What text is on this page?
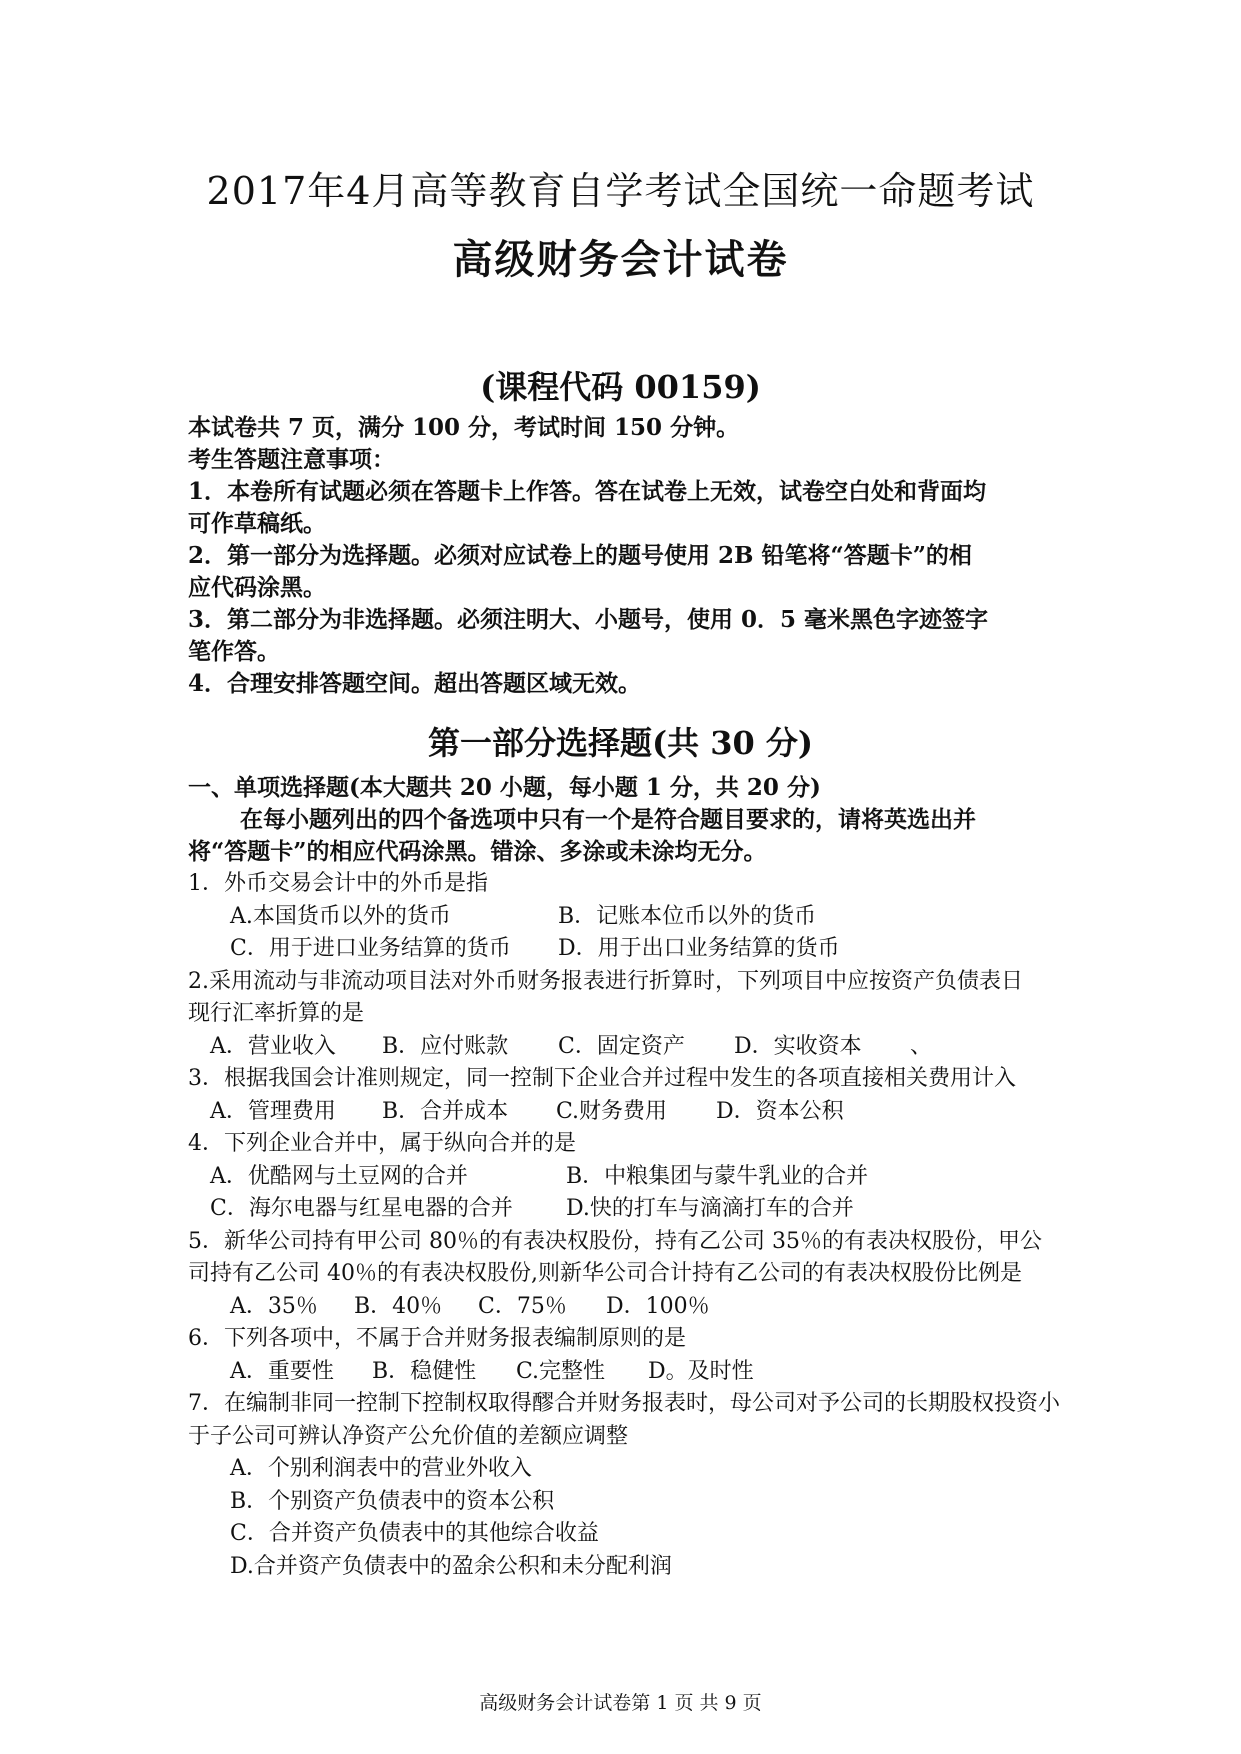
2017年4月高等教育自学考试全国统一命题考试
高级财务会计试卷
(课程代码 00159)
本试卷共 7 页，满分 100 分，考试时间 150 分钟。
考生答题注意事项：
1．本卷所有试题必须在答题卡上作答。答在试卷上无效，试卷空白处和背面均
可作草稿纸。
2．第一部分为选择题。必须对应试卷上的题号使用 2B 铅笔将“答题卡”的相
应代码涂黑。
3．第二部分为非选择题。必须注明大、小题号，使用 0．5 毫米黑色字迹签字
笔作答。
4．合理安排答题空间。超出答题区域无效。
第一部分选择题(共 30 分)
一、单项选择题(本大题共 20 小题，每小题 1 分，共 20 分)
在每小题列出的四个备选项中只有一个是符合题目要求的，请将英选出并
将“答题卡”的相应代码涂黑。错涂、多涂或未涂均无分。
1．外币交易会计中的外币是指
A.本国货币以外的货币	B．记账本位币以外的货币
C．用于进口业务结算的货币	D．用于出口业务结算的货币
2.采用流动与非流动项目法对外币财务报表进行折算时，下列项目中应按资产负债表日
现行汇率折算的是
A．营业收入	B．应付账款	C．固定资产	D．实收资本	、
3．根据我国会计准则规定，同一控制下企业合并过程中发生的各项直接相关费用计入
A．管理费用	B．合并成本	C.财务费用	D．资本公积
4．下列企业合并中，属于纵向合并的是
A．优酷网与土豆网的合并	B．中粮集团与蒙牛乳业的合并
C．海尔电器与红星电器的合并	D.快的打车与滴滴打车的合并
5．新华公司持有甲公司 80％的有表决权股份，持有乙公司 35％的有表决权股份，甲公
司持有乙公司 40％的有表决权股份,则新华公司合计持有乙公司的有表决权股份比例是
A．35％	B．40％	C．75％	D．100％
6．下列各项中，不属于合并财务报表编制原则的是
A．重要性	B．稳健性	C.完整性	D。及时性
7．在编制非同一控制下控制权取得醪合并财务报表时，母公司对予公司的长期股权投资小
于子公司可辨认净资产公允价值的差额应调整
A．个别利润表中的营业外收入
B．个别资产负债表中的资本公积
C．合并资产负债表中的其他综合收益
D.合并资产负债表中的盈余公积和未分配利润
高级财务会计试卷第 1 页 共 9 页
